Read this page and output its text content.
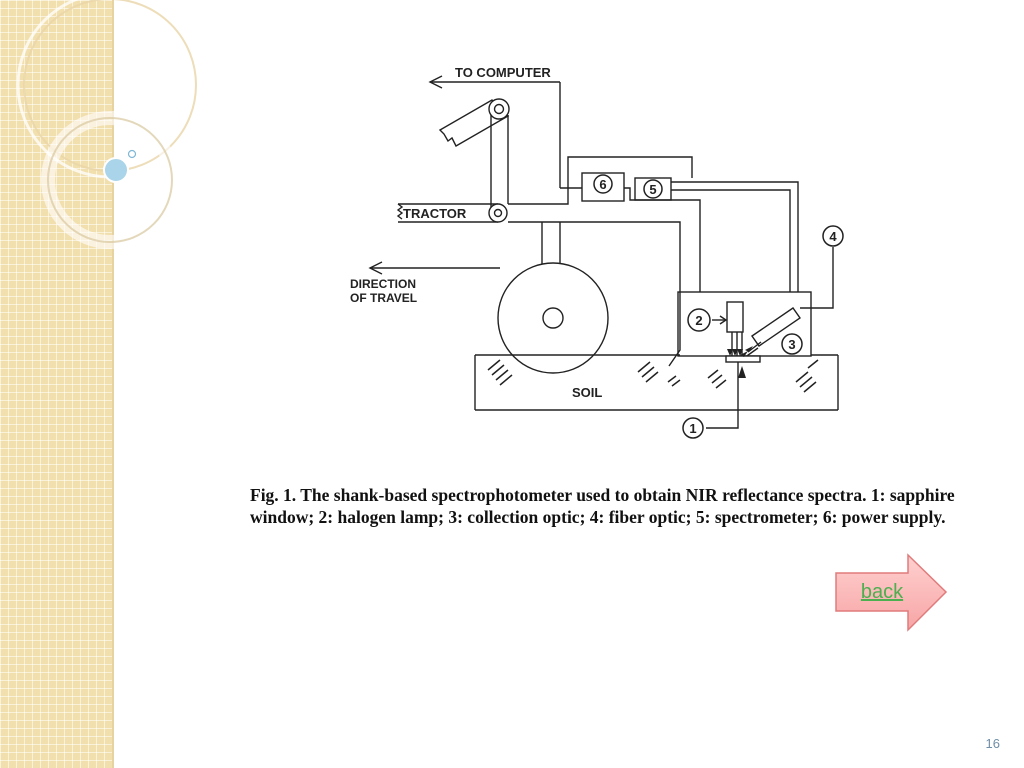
6	5
4
2
3
1
TO COMPUTER
TRACTOR
DIRECTION
OF TRAVEL
SOIL

Fig. 1. The shank-based spectrophotometer used to obtain NIR reflectance spectra. 1: sapphire window; 2: halogen lamp; 3: collection optic; 4: fiber optic; 5: spectrometer; 6: power supply.

back
16
